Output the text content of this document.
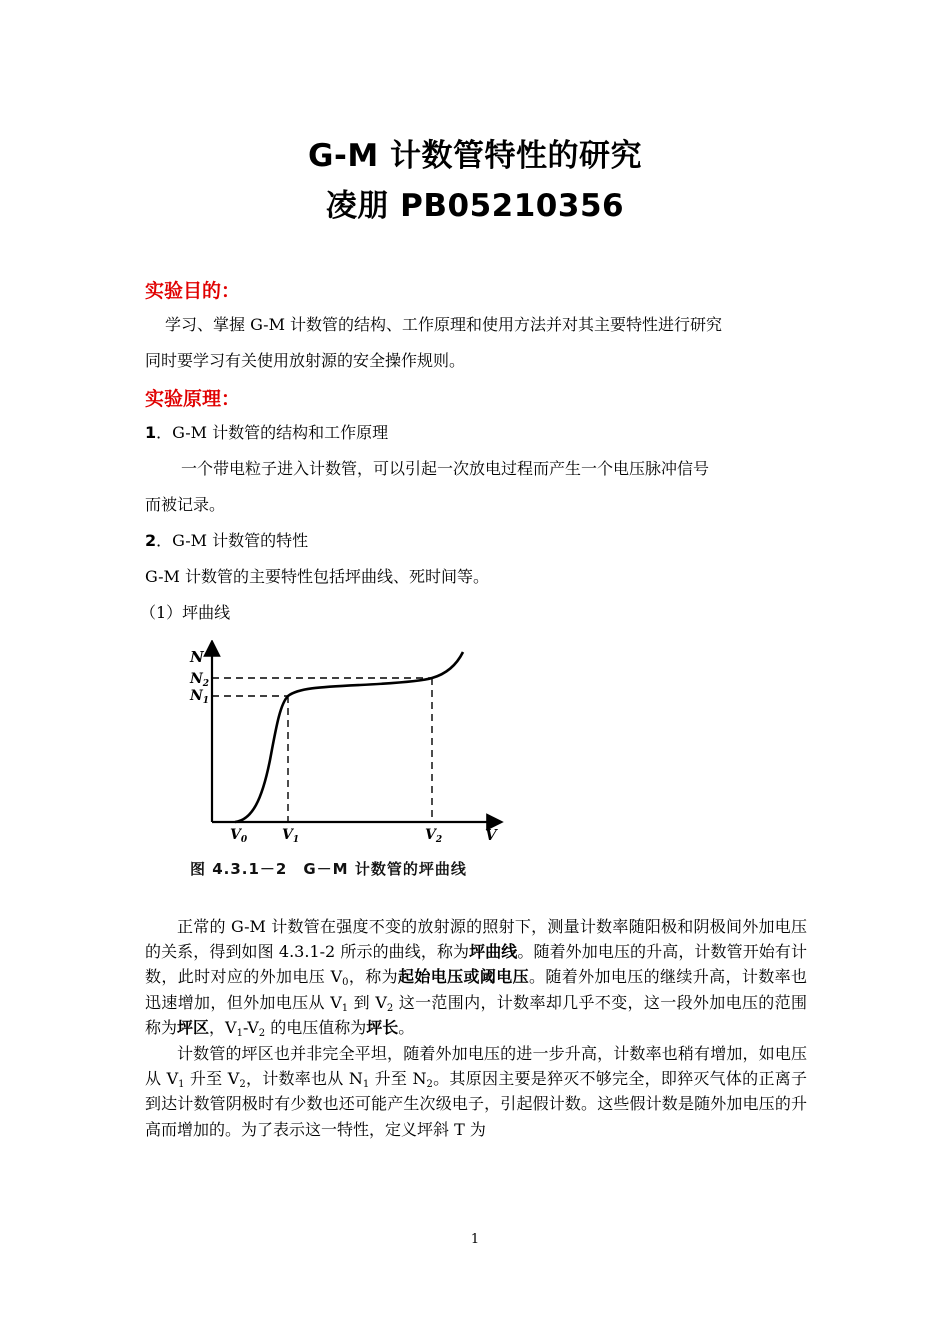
G-M 计数管特性的研究
凌朋 PB05210356
实验目的：
学习、掌握 G-M 计数管的结构、工作原理和使用方法并对其主要特性进行研究
同时要学习有关使用放射源的安全操作规则。
实验原理：
1．G-M 计数管的结构和工作原理
一个带电粒子进入计数管，可以引起一次放电过程而产生一个电压脉冲信号
而被记录。
2．G-M 计数管的特性
G-M 计数管的主要特性包括坪曲线、死时间等。
（1）坪曲线
N
$N_2$
$N_1$
V
$V_0$ $V_1$	$V_2$
图 4.3.1－2　G－M 计数管的坪曲线
正常的 G-M 计数管在强度不变的放射源的照射下，测量计数率随阳极和阴极间外加电压的关系，得到如图 4.3.1-2 所示的曲线，称为坪曲线。随着外加电压的升高，计数管开始有计数，此时对应的外加电压 $V_0$，称为起始电压或阈电压。随着外加电压的继续升高，计数率也迅速增加，但外加电压从 $V_1$ 到 $V_2$ 这一范围内，计数率却几乎不变，这一段外加电压的范围称为坪区，$V_1-V_2$ 的电压值称为坪长。
计数管的坪区也并非完全平坦，随着外加电压的进一步升高，计数率也稍有增加，如电压从 $V_1$ 升至 $V_2$，计数率也从 $N_1$ 升至 $N_2$。其原因主要是猝灭不够完全，即猝灭气体的正离子到达计数管阴极时有少数也还可能产生次级电子，引起假计数。这些假计数是随外加电压的升高而增加的。为了表示这一特性，定义坪斜 T 为
1
